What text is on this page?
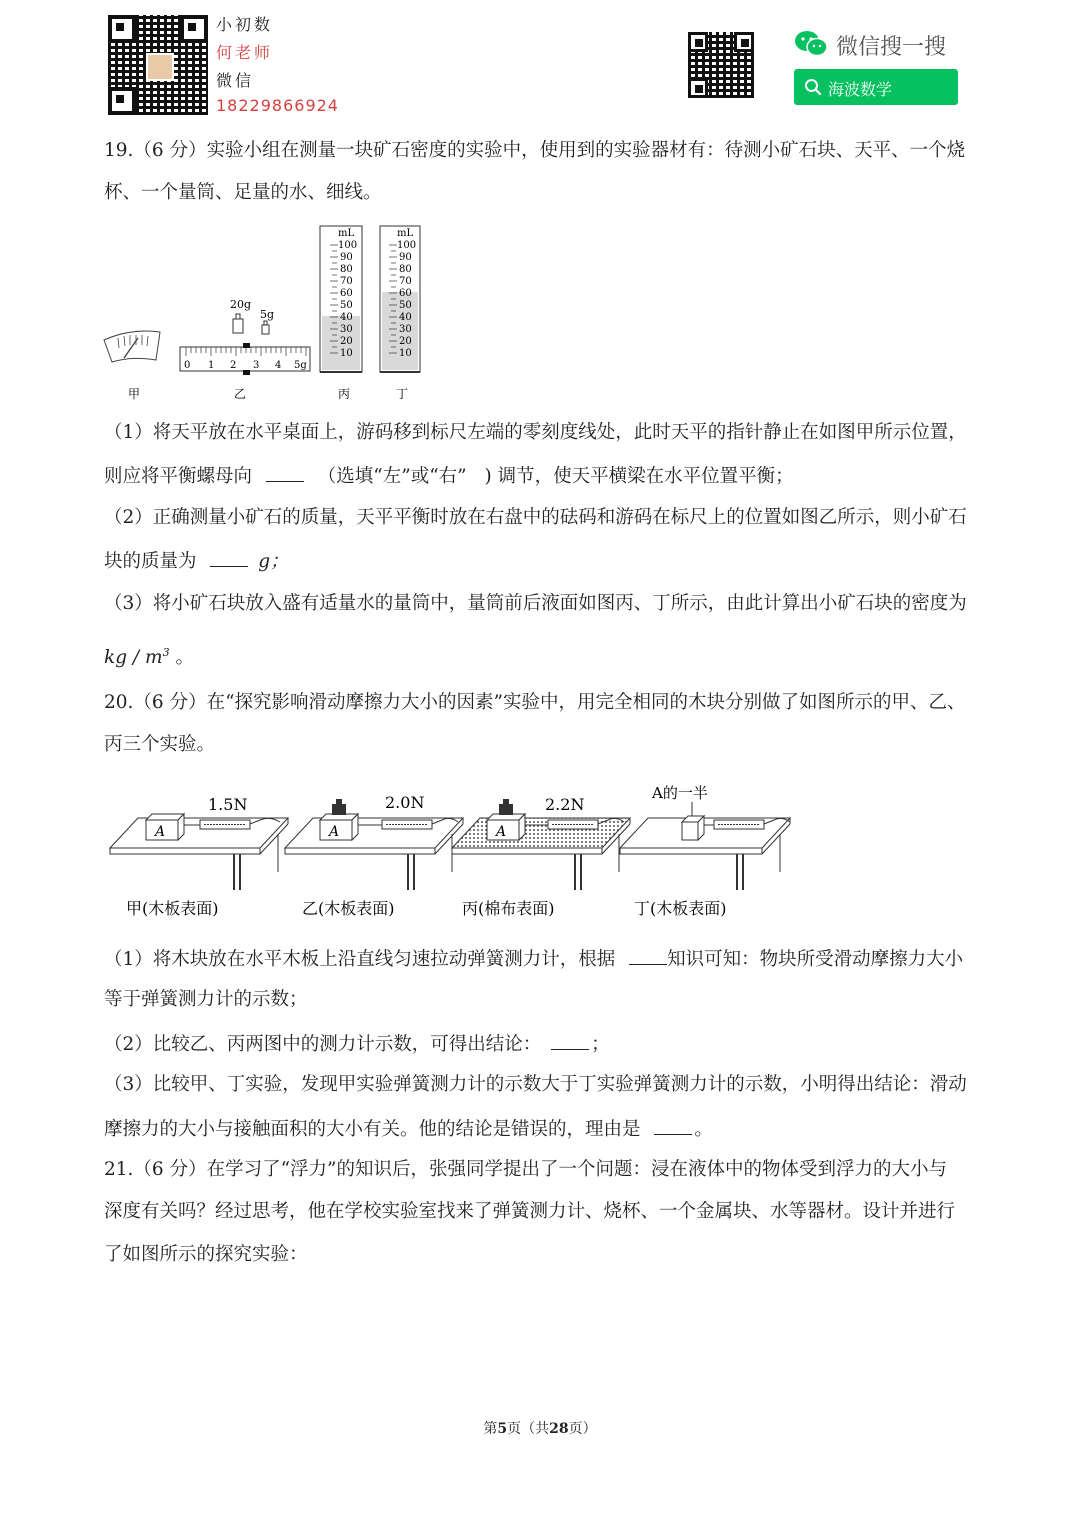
小初数
何老师
微信
18229866924
微信搜一搜
海波数学
19.（6 分）实验小组在测量一块矿石密度的实验中，使用到的实验器材有：待测小矿石块、天平、一个烧
杯、一个量筒、足量的水、细线。
甲
20g
5g
0 1 2 3 4 5g
乙
mL
100
90
80
70
60
50
40
30
20
10
丙
mL
100
90
80
70
60
50
40
30
20
10
丁
（1）将天平放在水平桌面上，游码移到标尺左端的零刻度线处，此时天平的指针静止在如图甲所示位置，
则应将平衡螺母向	（选填“左”或“右” ) 调节，使天平横梁在水平位置平衡；
（2）正确测量小矿石的质量，天平平衡时放在右盘中的砝码和游码在标尺上的位置如图乙所示，则小矿石
块的质量为	g；
（3）将小矿石块放入盛有适量水的量筒中，量筒前后液面如图丙、丁所示，由此计算出小矿石块的密度为
kg / $m^3$ 。
20.（6 分）在“探究影响滑动摩擦力大小的因素”实验中，用完全相同的木块分别做了如图所示的甲、乙、
丙三个实验。
A
1.5N
A
2.0N
A
2.2N
A的一半
甲(木板表面)	乙(木板表面)	丙(棉布表面)	丁(木板表面)
（1）将木块放在水平木板上沿直线匀速拉动弹簧测力计，根据	知识可知：物块所受滑动摩擦力大小
等于弹簧测力计的示数；
（2）比较乙、丙两图中的测力计示数，可得出结论：	；
（3）比较甲、丁实验，发现甲实验弹簧测力计的示数大于丁实验弹簧测力计的示数，小明得出结论：滑动
摩擦力的大小与接触面积的大小有关。他的结论是错误的，理由是	。
21.（6 分）在学习了“浮力”的知识后，张强同学提出了一个问题：浸在液体中的物体受到浮力的大小与
深度有关吗？经过思考，他在学校实验室找来了弹簧测力计、烧杯、一个金属块、水等器材。设计并进行
了如图所示的探究实验：
第5页（共28页）
